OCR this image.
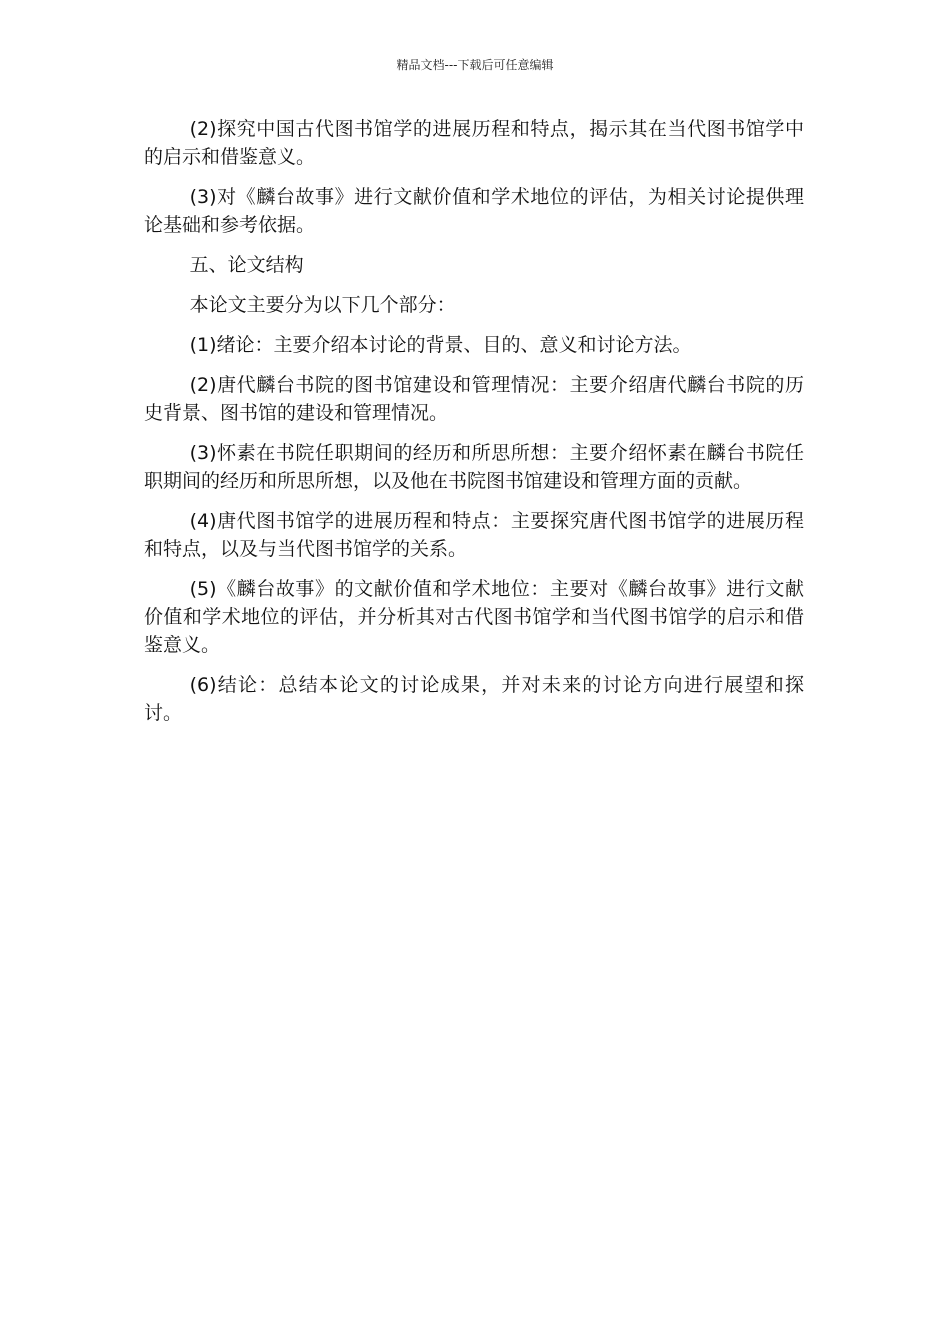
精品文档---下载后可任意编辑

(2)探究中国古代图书馆学的进展历程和特点，揭示其在当代图书馆学中的启示和借鉴意义。

(3)对《麟台故事》进行文献价值和学术地位的评估，为相关讨论提供理论基础和参考依据。

五、论文结构

本论文主要分为以下几个部分：

(1)绪论：主要介绍本讨论的背景、目的、意义和讨论方法。

(2)唐代麟台书院的图书馆建设和管理情况：主要介绍唐代麟台书院的历史背景、图书馆的建设和管理情况。

(3)怀素在书院任职期间的经历和所思所想：主要介绍怀素在麟台书院任职期间的经历和所思所想，以及他在书院图书馆建设和管理方面的贡献。

(4)唐代图书馆学的进展历程和特点：主要探究唐代图书馆学的进展历程和特点，以及与当代图书馆学的关系。

(5)《麟台故事》的文献价值和学术地位：主要对《麟台故事》进行文献价值和学术地位的评估，并分析其对古代图书馆学和当代图书馆学的启示和借鉴意义。

(6)结论：总结本论文的讨论成果，并对未来的讨论方向进行展望和探讨。
